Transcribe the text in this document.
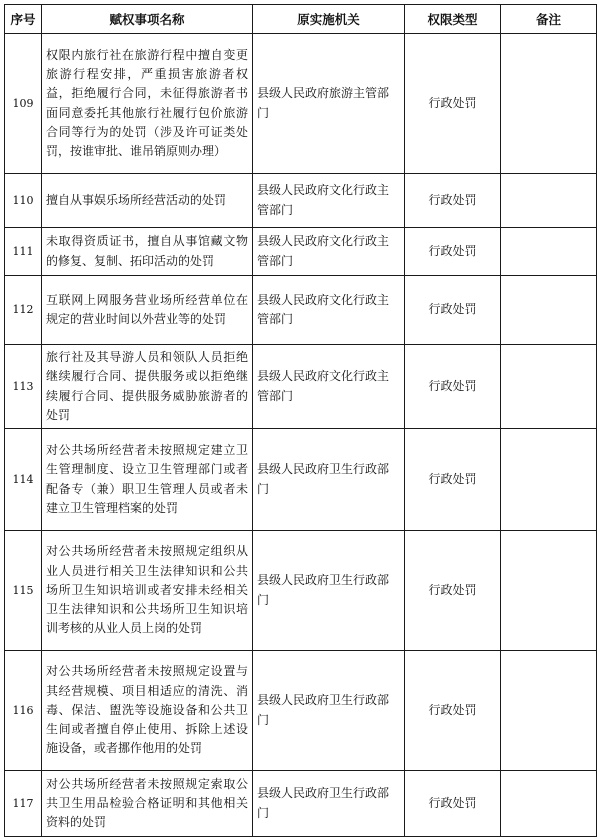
序号	赋权事项名称	原实施机关	权限类型	备注
109	权限内旅行社在旅游行程中擅自变更旅游行程安排，严重损害旅游者权益，拒绝履行合同，未征得旅游者书面同意委托其他旅行社履行包价旅游合同等行为的处罚（涉及许可证类处罚，按谁审批、谁吊销原则办理）	县级人民政府旅游主管部门	行政处罚	
110	擅自从事娱乐场所经营活动的处罚	县级人民政府文化行政主管部门	行政处罚	
111	未取得资质证书，擅自从事馆藏文物的修复、复制、拓印活动的处罚	县级人民政府文化行政主管部门	行政处罚	
112	互联网上网服务营业场所经营单位在规定的营业时间以外营业等的处罚	县级人民政府文化行政主管部门	行政处罚	
113	旅行社及其导游人员和领队人员拒绝继续履行合同、提供服务或以拒绝继续履行合同、提供服务威胁旅游者的处罚	县级人民政府文化行政主管部门	行政处罚	
114	对公共场所经营者未按照规定建立卫生管理制度、设立卫生管理部门或者配备专（兼）职卫生管理人员或者未建立卫生管理档案的处罚	县级人民政府卫生行政部门	行政处罚	
115	对公共场所经营者未按照规定组织从业人员进行相关卫生法律知识和公共场所卫生知识培训或者安排未经相关卫生法律知识和公共场所卫生知识培训考核的从业人员上岗的处罚	县级人民政府卫生行政部门	行政处罚	
116	对公共场所经营者未按照规定设置与其经营规模、项目相适应的清洗、消毒、保洁、盥洗等设施设备和公共卫生间或者擅自停止使用、拆除上述设施设备，或者挪作他用的处罚	县级人民政府卫生行政部门	行政处罚	
117	对公共场所经营者未按照规定索取公共卫生用品检验合格证明和其他相关资料的处罚	县级人民政府卫生行政部门	行政处罚	
